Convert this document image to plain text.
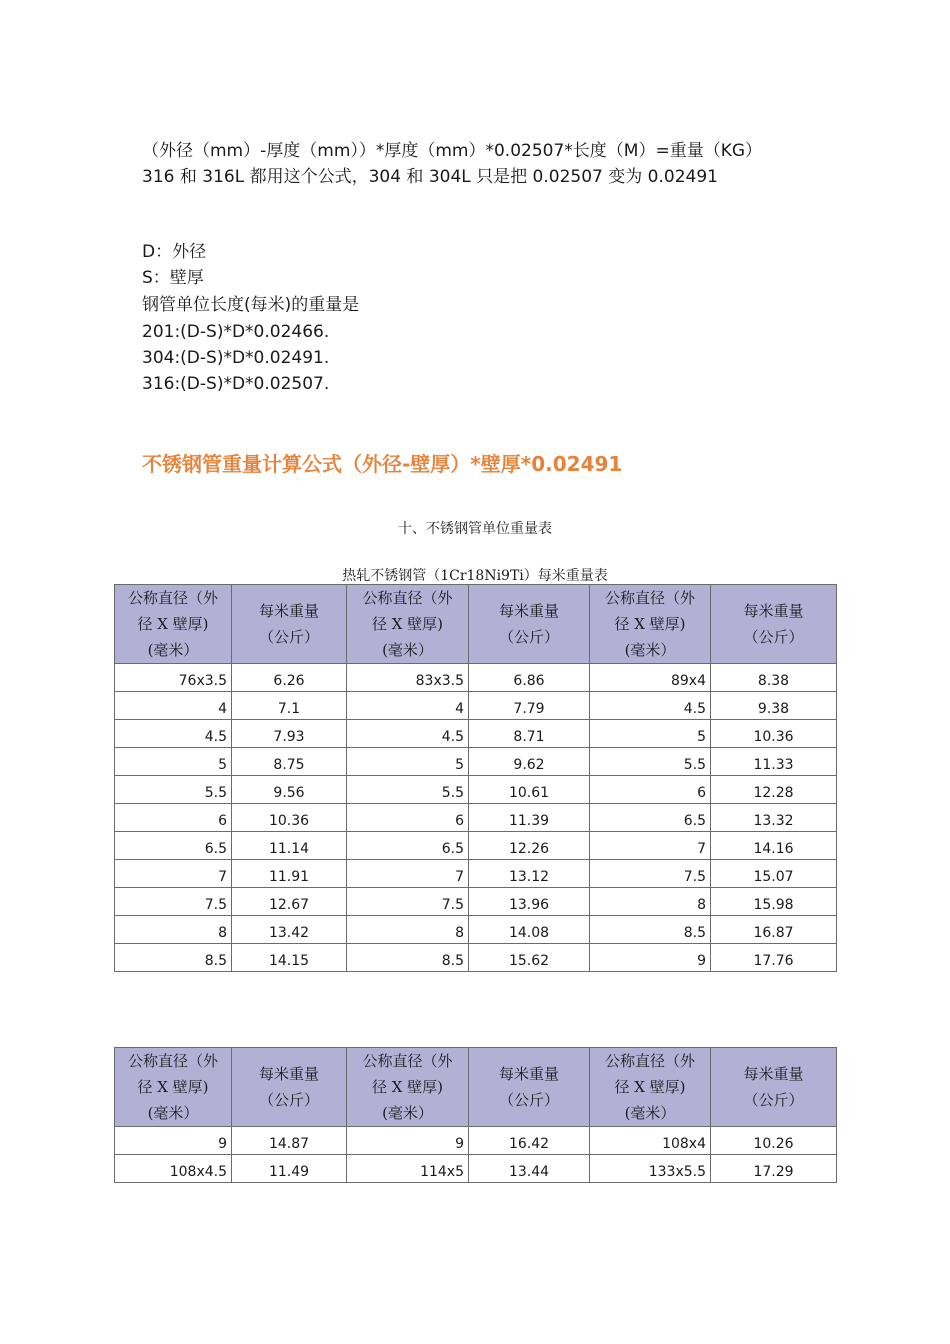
（外径（mm）-厚度（mm））*厚度（mm）*0.02507*长度（M）=重量（KG）
316 和 316L 都用这个公式，304 和 304L 只是把 0.02507 变为 0.02491
D：外径
S：壁厚
钢管单位长度(每米)的重量是
201:(D-S)*D*0.02466.
304:(D-S)*D*0.02491.
316:(D-S)*D*0.02507.
不锈钢管重量计算公式（外径-壁厚）*壁厚*0.02491
十、不锈钢管单位重量表
热轧不锈钢管（1Cr18Ni9Ti）每米重量表
公称直径（外
径 X 壁厚)
(毫米）	每米重量
（公斤）	公称直径（外
径 X 壁厚)
(毫米）	每米重量
（公斤）	公称直径（外
径 X 壁厚)
(毫米）	每米重量
（公斤）
76x3.5	6.26	83x3.5	6.86	89x4	8.38
4	7.1	4	7.79	4.5	9.38
4.5	7.93	4.5	8.71	5	10.36
5	8.75	5	9.62	5.5	11.33
5.5	9.56	5.5	10.61	6	12.28
6	10.36	6	11.39	6.5	13.32
6.5	11.14	6.5	12.26	7	14.16
7	11.91	7	13.12	7.5	15.07
7.5	12.67	7.5	13.96	8	15.98
8	13.42	8	14.08	8.5	16.87
8.5	14.15	8.5	15.62	9	17.76
公称直径（外
径 X 壁厚)
(毫米）	每米重量
（公斤）	公称直径（外
径 X 壁厚)
(毫米）	每米重量
（公斤）	公称直径（外
径 X 壁厚)
(毫米）	每米重量
（公斤）
9	14.87	9	16.42	108x4	10.26
108x4.5	11.49	114x5	13.44	133x5.5	17.29
